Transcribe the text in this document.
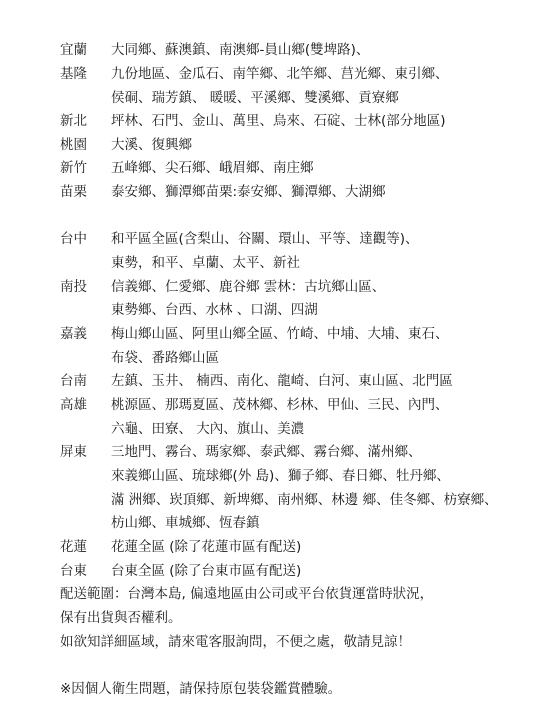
宜蘭	大同鄉、蘇澳鎮、南澳鄉-員山鄉(雙埤路)、
基隆	九份地區、金瓜石、南竿鄉、北竿鄉、莒光鄉、東引鄉、
侯硐、瑞芳鎮、 暖暖、平溪鄉、雙溪鄉、貢寮鄉
新北	坪林、石門、金山、萬里、烏來、石碇、士林(部分地區)
桃園	大溪、復興鄉
新竹	五峰鄉、尖石鄉、峨眉鄉、南庄鄉
苗栗	泰安鄉、獅潭鄉苗栗:泰安鄉、獅潭鄉、大湖鄉
台中	和平區全區(含梨山、谷關、環山、平等、達觀等)、
東勢，和平、卓蘭、太平、新社
南投	信義鄉、仁愛鄉、鹿谷鄉 雲林：古坑鄉山區、
東勢鄉、台西、水林 、口湖、四湖
嘉義	梅山鄉山區、阿里山鄉全區、竹崎、中埔、大埔、東石、
布袋、番路鄉山區
台南	左鎮、玉井、 楠西、南化、龍崎、白河、東山區、北門區
高雄	桃源區、那瑪夏區、茂林鄉、杉林、甲仙、三民、內門、
六龜、田寮、 大內、旗山、美濃
屏東	三地門、霧台、瑪家鄉、泰武鄉、霧台鄉、滿州鄉、
來義鄉山區、琉球鄉(外 島)、獅子鄉、春日鄉、牡丹鄉、
滿 洲鄉、崁頂鄉、新埤鄉、南州鄉、林邊 鄉、佳冬鄉、枋寮鄉、
枋山鄉、車城鄉、恆春鎮
花蓮	花蓮全區 (除了花蓮市區有配送)
台東	台東全區 (除了台東市區有配送)
配送範圍：台灣本島, 偏遠地區由公司或平台依貨運當時狀況，
保有出貨與否權利。
如欲知詳細區域，請來電客服詢問，不便之處，敬請見諒！
※因個人衛生問題，請保持原包裝袋鑑賞體驗。
